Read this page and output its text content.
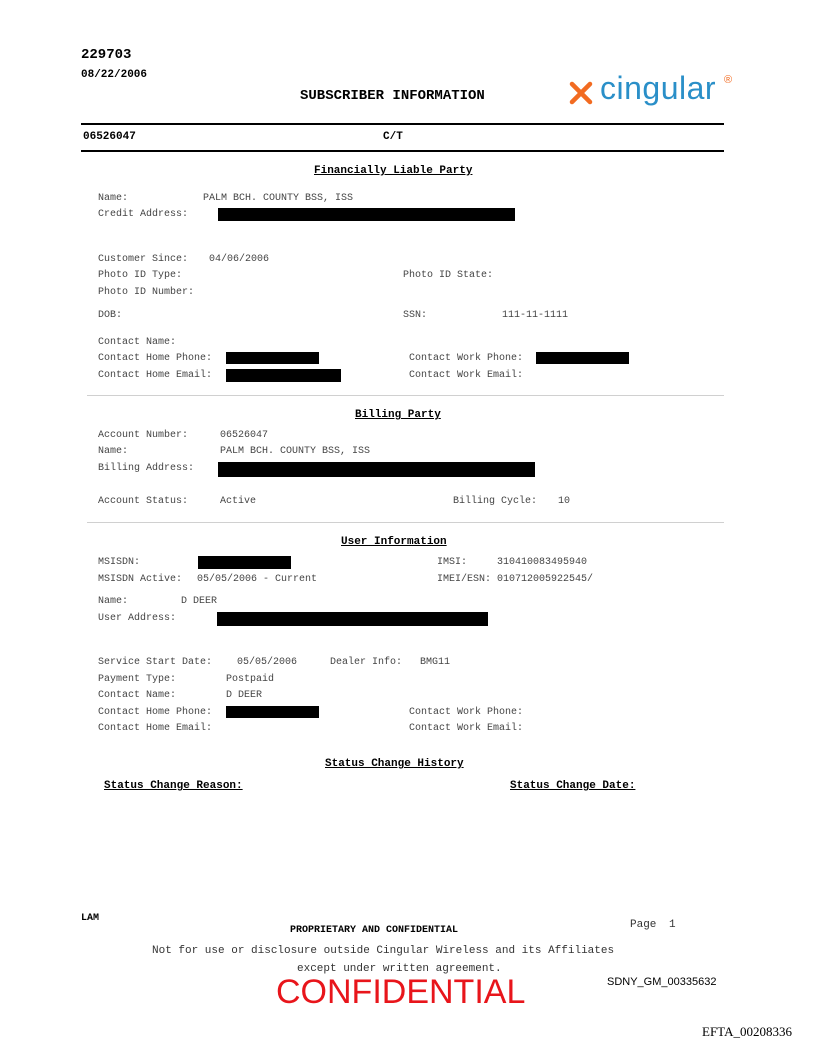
229703
08/22/2006
SUBSCRIBER INFORMATION	cingular ®
06526047	C/T
Financially Liable Party
Name:	PALM BCH. COUNTY BSS, ISS
Credit Address:
Customer Since: 04/06/2006
Photo ID Type:	Photo ID State:
Photo ID Number:
DOB:	SSN:	111-11-1111
Contact Name:
Contact Home Phone:	Contact Work Phone:
Contact Home Email:	Contact Work Email:
Billing Party
Account Number:	06526047
Name:	PALM BCH. COUNTY BSS, ISS
Billing Address:
Account Status:	Active	Billing Cycle: 10
User Information
MSISDN:	IMSI:	310410083495940
MSISDN Active: 05/05/2006 - Current	IMEI/ESN: 010712005922545/
Name:	D DEER
User Address:
Service Start Date: 05/05/2006	Dealer Info: BMG11
Payment Type:	Postpaid
Contact Name:	D DEER
Contact Home Phone:	Contact Work Phone:
Contact Home Email:	Contact Work Email:
Status Change History
Status Change Reason:	Status Change Date:
LAM
PROPRIETARY AND CONFIDENTIAL	Page 1
Not for use or disclosure outside Cingular Wireless and its Affiliates
except under written agreement.
CONFIDENTIAL	SDNY_GM_00335632
EFTA_00208336
